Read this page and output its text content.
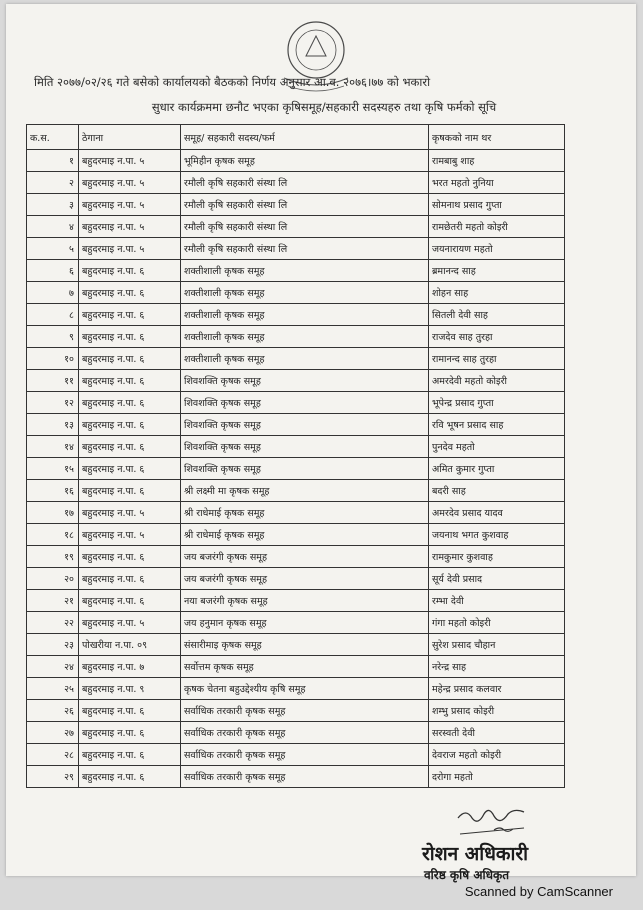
मिति २०७७/०२/२६ गते बसेको कार्यालयको बैठकको निर्णय अनुसार आ.व. २०७६।७७ को भकारो
सुधार कार्यक्रममा छनौट भएका कृषिसमूह/सहकारी सदस्यहरु तथा कृषि फर्मको सूचि
क.स.	ठेगाना	समूह/ सहकारी सदस्य/फर्म	कृषकको नाम थर
१	बहुदरमाइ न.पा. ५	भूमिहीन कृषक समूह	रामबाबु शाह
२	बहुदरमाइ न.पा. ५	रमौली कृषि सहकारी संस्था लि	भरत महतो नुनिया
३	बहुदरमाइ न.पा. ५	रमौली कृषि सहकारी संस्था लि	सोमनाथ प्रसाद गुप्ता
४	बहुदरमाइ न.पा. ५	रमौली कृषि सहकारी संस्था लि	रामछेतरी महतो कोइरी
५	बहुदरमाइ न.पा. ५	रमौली कृषि सहकारी संस्था लि	जयनारायण महतो
६	बहुदरमाइ न.पा. ६	शक्तीशाली कृषक समूह	ब्रमानन्द साह
७	बहुदरमाइ न.पा. ६	शक्तीशाली कृषक समूह	शोहन साह
८	बहुदरमाइ न.पा. ६	शक्तीशाली कृषक समूह	सितली देवी साह
९	बहुदरमाइ न.पा. ६	शक्तीशाली कृषक समूह	राजदेव साह तुरहा
१०	बहुदरमाइ न.पा. ६	शक्तीशाली कृषक समूह	रामानन्द साह तुरहा
११	बहुदरमाइ न.पा. ६	शिवशक्ति कृषक समूह	अमरदेवी महतो कोइरी
१२	बहुदरमाइ न.पा. ६	शिवशक्ति कृषक समूह	भूपेन्द्र प्रसाद गुप्ता
१३	बहुदरमाइ न.पा. ६	शिवशक्ति कृषक समूह	रवि भूषन प्रसाद साह
१४	बहुदरमाइ न.पा. ६	शिवशक्ति कृषक समूह	पुनदेव महतो
१५	बहुदरमाइ न.पा. ६	शिवशक्ति कृषक समूह	अमित कुमार गुप्ता
१६	बहुदरमाइ न.पा. ६	श्री लक्ष्मी मा कृषक समूह	बदरी साह
१७	बहुदरमाइ न.पा. ५	श्री राधेमाई कृषक समूह	अमरदेव प्रसाद यादव
१८	बहुदरमाइ न.पा. ५	श्री राधेमाई कृषक समूह	जयनाथ भगत कुशवाह
१९	बहुदरमाइ न.पा. ६	जय बजरंगी कृषक समूह	रामकुमार कुशवाह
२०	बहुदरमाइ न.पा. ६	जय बजरंगी कृषक समूह	सूर्य देवी प्रसाद
२१	बहुदरमाइ न.पा. ६	नया बजरंगी कृषक समूह	रम्भा देवी
२२	बहुदरमाइ न.पा. ५	जय हनुमान कृषक समूह	गंगा महतो कोइरी
२३	पोखरीया न.पा. ०९	संसारीमाइ कृषक समूह	सुरेश प्रसाद चौहान
२४	बहुदरमाइ न.पा. ७	सर्वोत्तम कृषक समूह	नरेन्द्र साह
२५	बहुदरमाइ न.पा. ९	कृषक चेतना बहुउद्देश्यीय कृषि समूह	महेन्द्र प्रसाद कलवार
२६	बहुदरमाइ न.पा. ६	सर्वाधिक तरकारी कृषक समूह	शम्भु प्रसाद कोइरी
२७	बहुदरमाइ न.पा. ६	सर्वाधिक तरकारी कृषक समूह	सरस्वती देवी
२८	बहुदरमाइ न.पा. ६	सर्वाधिक तरकारी कृषक समूह	देवराज महतो कोइरी
२९	बहुदरमाइ न.पा. ६	सर्वाधिक तरकारी कृषक समूह	दरोगा महतो
रोशन अधिकारी
वरिष्ठ कृषि अधिकृत
Scanned by CamScanner
